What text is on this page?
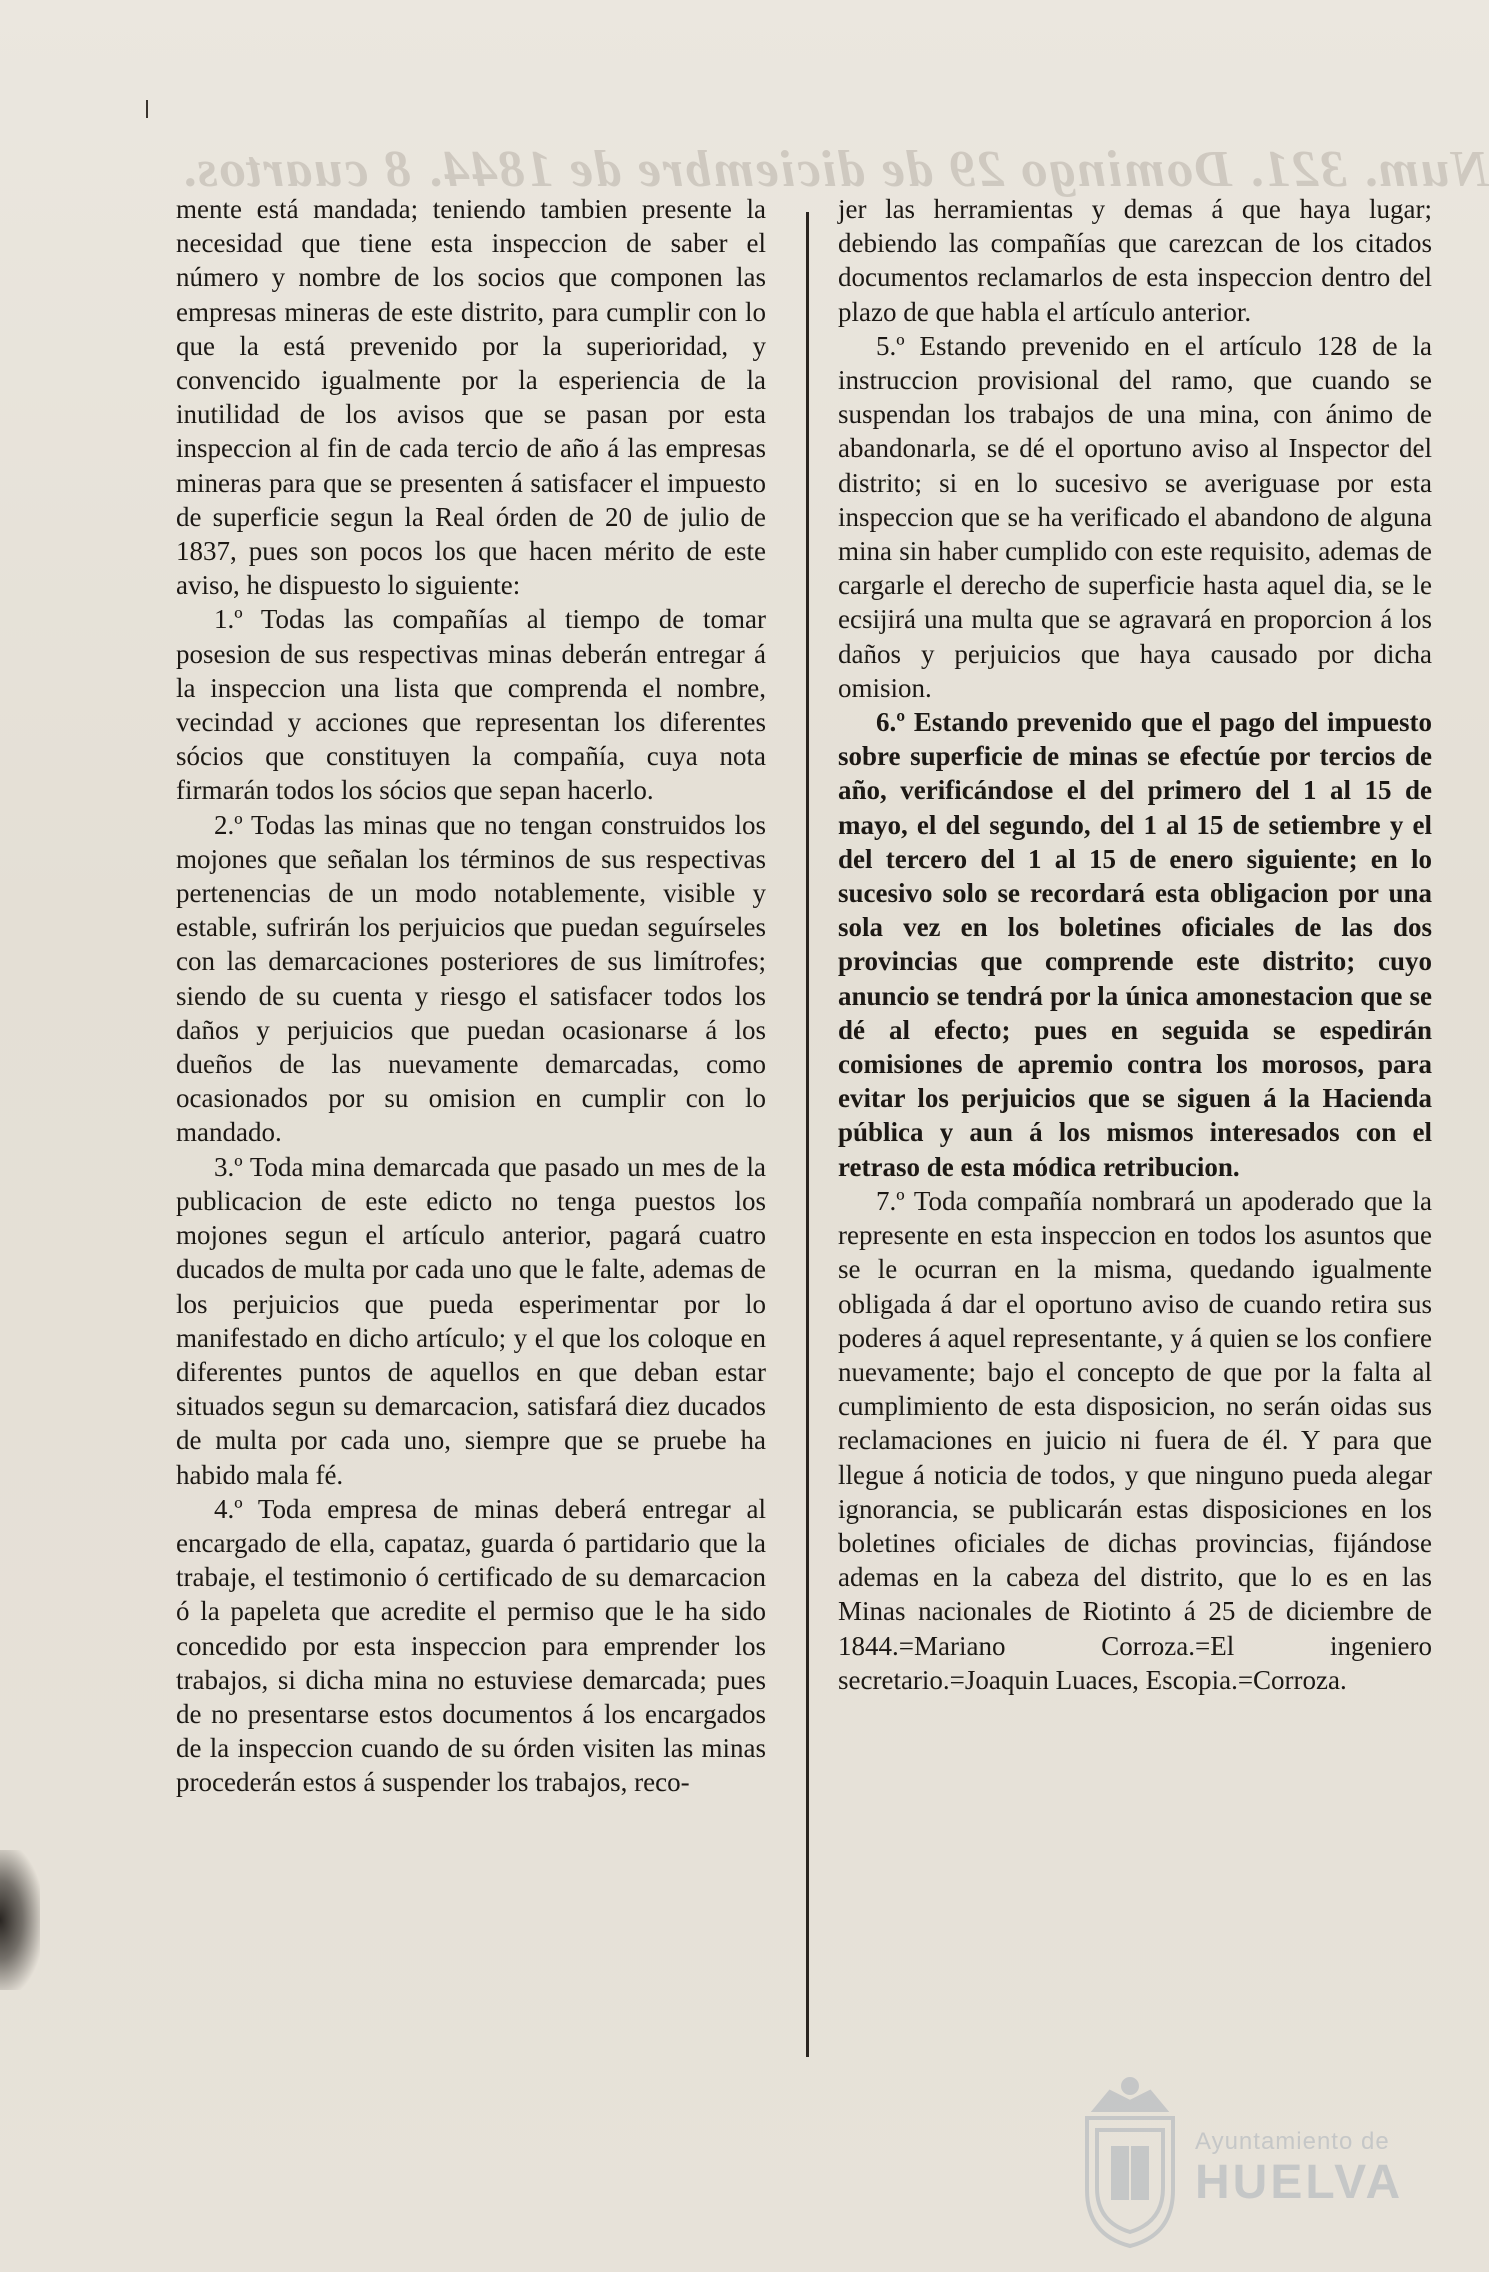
Num. 321. Domingo 29 de diciembre de 1844. 8 cuartos.

mente está mandada; teniendo tambien presente la necesidad que tiene esta inspeccion de saber el número y nombre de los socios que componen las empresas mineras de este distrito, para cumplir con lo que la está prevenido por la superioridad, y convencido igualmente por la esperiencia de la inutilidad de los avisos que se pasan por esta inspeccion al fin de cada tercio de año á las empresas mineras para que se presenten á satisfacer el impuesto de superficie segun la Real órden de 20 de julio de 1837, pues son pocos los que hacen mérito de este aviso, he dispuesto lo siguiente:

1.º Todas las compañías al tiempo de tomar posesion de sus respectivas minas deberán entregar á la inspeccion una lista que comprenda el nombre, vecindad y acciones que representan los diferentes sócios que constituyen la compañía, cuya nota firmarán todos los sócios que sepan hacerlo.

2.º Todas las minas que no tengan construidos los mojones que señalan los términos de sus respectivas pertenencias de un modo notablemente, visible y estable, sufrirán los perjuicios que puedan seguírseles con las demarcaciones posteriores de sus limítrofes; siendo de su cuenta y riesgo el satisfacer todos los daños y perjuicios que puedan ocasionarse á los dueños de las nuevamente demarcadas, como ocasionados por su omision en cumplir con lo mandado.

3.º Toda mina demarcada que pasado un mes de la publicacion de este edicto no tenga puestos los mojones segun el artículo anterior, pagará cuatro ducados de multa por cada uno que le falte, ademas de los perjuicios que pueda esperimentar por lo manifestado en dicho artículo; y el que los coloque en diferentes puntos de aquellos en que deban estar situados segun su demarcacion, satisfará diez ducados de multa por cada uno, siempre que se pruebe ha habido mala fé.

4.º Toda empresa de minas deberá entregar al encargado de ella, capataz, guarda ó partidario que la trabaje, el testimonio ó certificado de su demarcacion ó la papeleta que acredite el permiso que le ha sido concedido por esta inspeccion para emprender los trabajos, si dicha mina no estuviese demarcada; pues de no presentarse estos documentos á los encargados de la inspeccion cuando de su órden visiten las minas procederán estos á suspender los trabajos, reco-

jer las herramientas y demas á que haya lugar; debiendo las compañías que carezcan de los citados documentos reclamarlos de esta inspeccion dentro del plazo de que habla el artículo anterior.

5.º Estando prevenido en el artículo 128 de la instruccion provisional del ramo, que cuando se suspendan los trabajos de una mina, con ánimo de abandonarla, se dé el oportuno aviso al Inspector del distrito; si en lo sucesivo se averiguase por esta inspeccion que se ha verificado el abandono de alguna mina sin haber cumplido con este requisito, ademas de cargarle el derecho de superficie hasta aquel dia, se le ecsijirá una multa que se agravará en proporcion á los daños y perjuicios que haya causado por dicha omision.

6.º Estando prevenido que el pago del impuesto sobre superficie de minas se efectúe por tercios de año, verificándose el del primero del 1 al 15 de mayo, el del segundo, del 1 al 15 de setiembre y el del tercero del 1 al 15 de enero siguiente; en lo sucesivo solo se recordará esta obligacion por una sola vez en los boletines oficiales de las dos provincias que comprende este distrito; cuyo anuncio se tendrá por la única amonestacion que se dé al efecto; pues en seguida se espedirán comisiones de apremio contra los morosos, para evitar los perjuicios que se siguen á la Hacienda pública y aun á los mismos interesados con el retraso de esta módica retribucion.

7.º Toda compañía nombrará un apoderado que la represente en esta inspeccion en todos los asuntos que se le ocurran en la misma, quedando igualmente obligada á dar el oportuno aviso de cuando retira sus poderes á aquel representante, y á quien se los confiere nuevamente; bajo el concepto de que por la falta al cumplimiento de esta disposicion, no serán oidas sus reclamaciones en juicio ni fuera de él. Y para que llegue á noticia de todos, y que ninguno pueda alegar ignorancia, se publicarán estas disposiciones en los boletines oficiales de dichas provincias, fijándose ademas en la cabeza del distrito, que lo es en las Minas nacionales de Riotinto á 25 de diciembre de 1844.=Mariano Corroza.=El ingeniero secretario.=Joaquin Luaces, Escopia.=Corroza.

Ayuntamiento de
HUELVA
